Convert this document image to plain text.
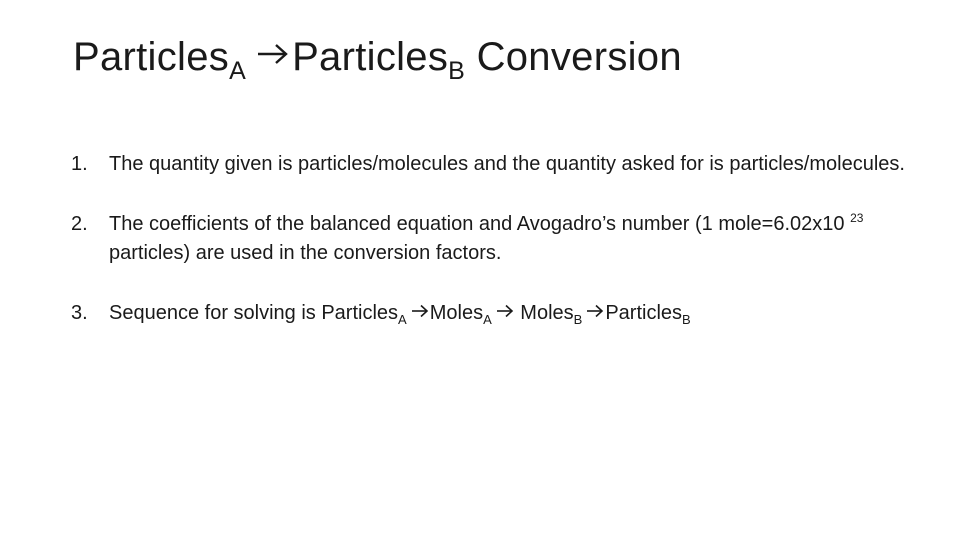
Particles$_A$ Particles$_B$ Conversion
1. The quantity given is particles/molecules and the quantity asked for is particles/molecules.
2. The coefficients of the balanced equation and Avogadro’s number (1 mole=6.02x10 $^{23}$ particles) are used in the conversion factors.
3. Sequence for solving is Particles$_A$ Moles$_A$ Moles$_B$ Particles$_B$
